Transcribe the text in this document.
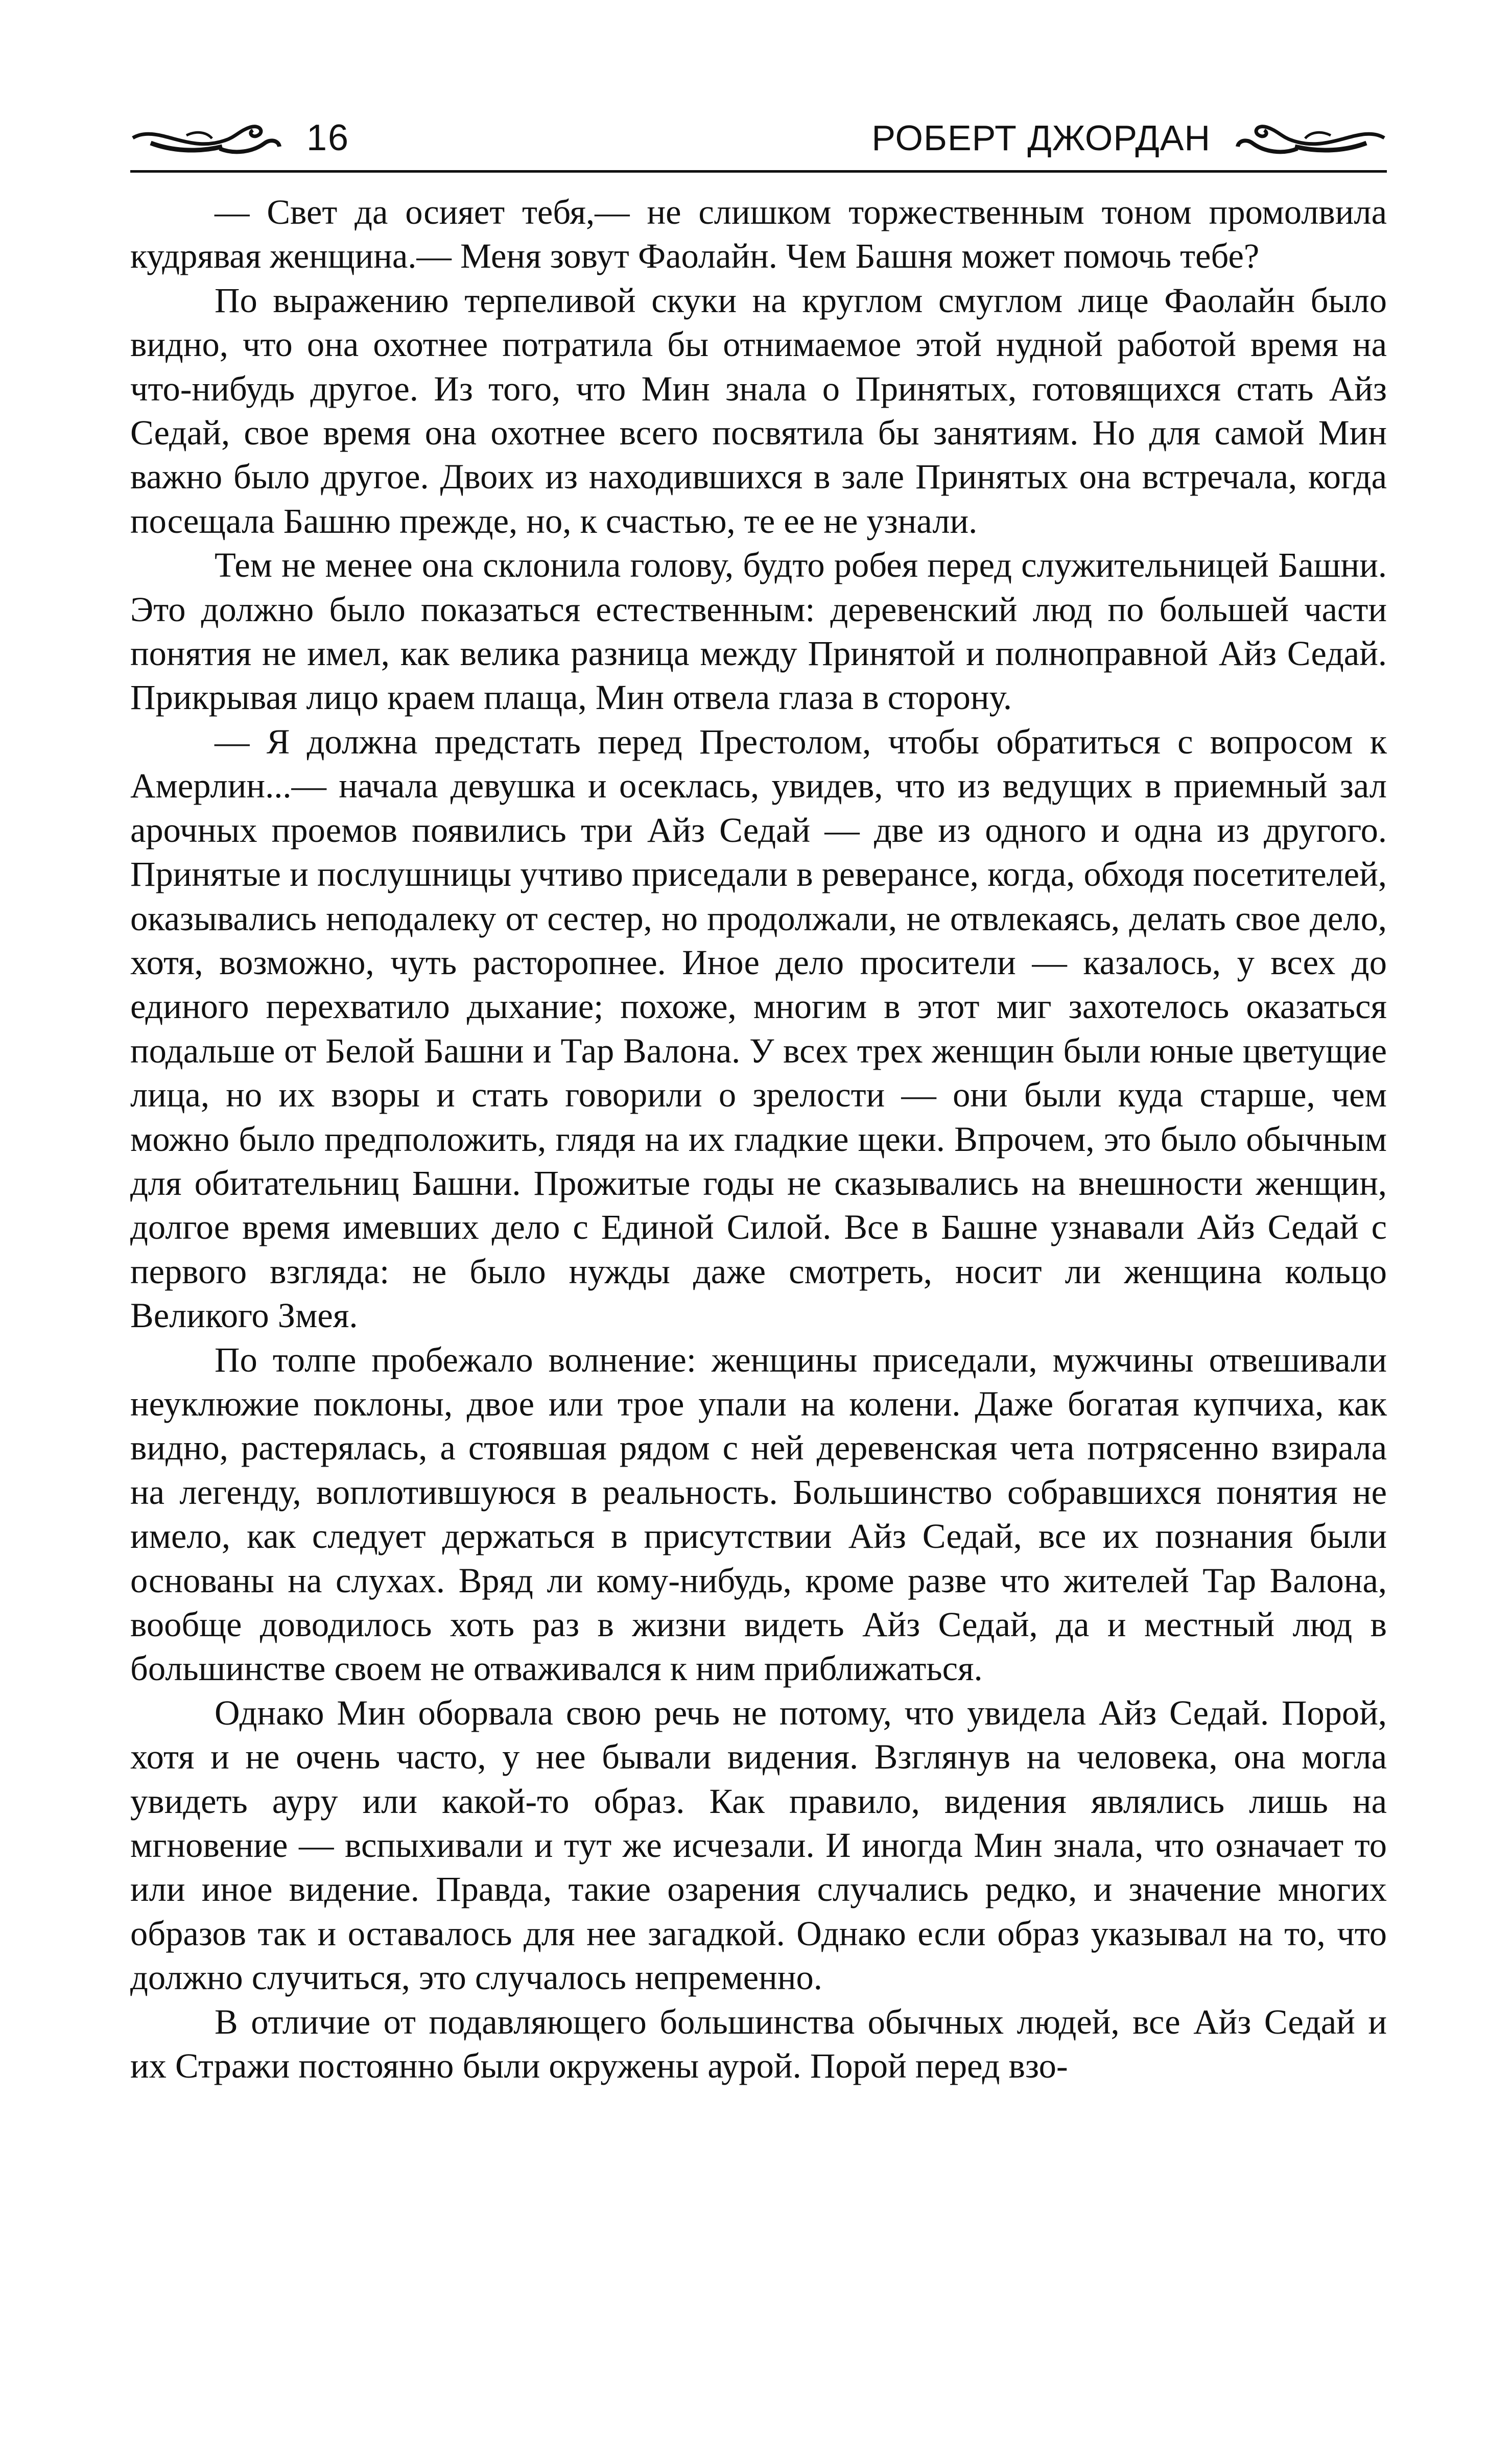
16	РОБЕРТ ДЖОРДАН

— Свет да осияет тебя,— не слишком торжественным тоном промолвила кудрявая женщина.— Меня зовут Фаолайн. Чем Башня может помочь тебе?

По выражению терпеливой скуки на круглом смуглом лице Фаолайн было видно, что она охотнее потратила бы отнимаемое этой нудной работой время на что-нибудь другое. Из того, что Мин знала о Принятых, готовящихся стать Айз Седай, свое время она охотнее всего посвятила бы занятиям. Но для самой Мин важно было другое. Двоих из находившихся в зале Принятых она встречала, когда посещала Башню прежде, но, к счастью, те ее не узнали.

Тем не менее она склонила голову, будто робея перед служительницей Башни. Это должно было показаться естественным: деревенский люд по большей части понятия не имел, как велика разница между Принятой и полноправной Айз Седай. Прикрывая лицо краем плаща, Мин отвела глаза в сторону.

— Я должна предстать перед Престолом, чтобы обратиться с вопросом к Амерлин...— начала девушка и осеклась, увидев, что из ведущих в приемный зал арочных проемов появились три Айз Седай — две из одного и одна из другого. Принятые и послушницы учтиво приседали в реверансе, когда, обходя посетителей, оказывались неподалеку от сестер, но продолжали, не отвлекаясь, делать свое дело, хотя, возможно, чуть расторопнее. Иное дело просители — казалось, у всех до единого перехватило дыхание; похоже, многим в этот миг захотелось оказаться подальше от Белой Башни и Тар Валона. У всех трех женщин были юные цветущие лица, но их взоры и стать говорили о зрелости — они были куда старше, чем можно было предположить, глядя на их гладкие щеки. Впрочем, это было обычным для обитательниц Башни. Прожитые годы не сказывались на внешности женщин, долгое время имевших дело с Единой Силой. Все в Башне узнавали Айз Седай с первого взгляда: не было нужды даже смотреть, носит ли женщина кольцо Великого Змея.

По толпе пробежало волнение: женщины приседали, мужчины отвешивали неуклюжие поклоны, двое или трое упали на колени. Даже богатая купчиха, как видно, растерялась, а стоявшая рядом с ней деревенская чета потрясенно взирала на легенду, воплотившуюся в реальность. Большинство собравшихся понятия не имело, как следует держаться в присутствии Айз Седай, все их познания были основаны на слухах. Вряд ли кому-нибудь, кроме разве что жителей Тар Валона, вообще доводилось хоть раз в жизни видеть Айз Седай, да и местный люд в большинстве своем не отваживался к ним приближаться.

Однако Мин оборвала свою речь не потому, что увидела Айз Седай. Порой, хотя и не очень часто, у нее бывали видения. Взглянув на человека, она могла увидеть ауру или какой-то образ. Как правило, видения являлись лишь на мгновение — вспыхивали и тут же исчезали. И иногда Мин знала, что означает то или иное видение. Правда, такие озарения случались редко, и значение многих образов так и оставалось для нее загадкой. Однако если образ указывал на то, что должно случиться, это случалось непременно.

В отличие от подавляющего большинства обычных людей, все Айз Седай и их Стражи постоянно были окружены аурой. Порой перед взо-
